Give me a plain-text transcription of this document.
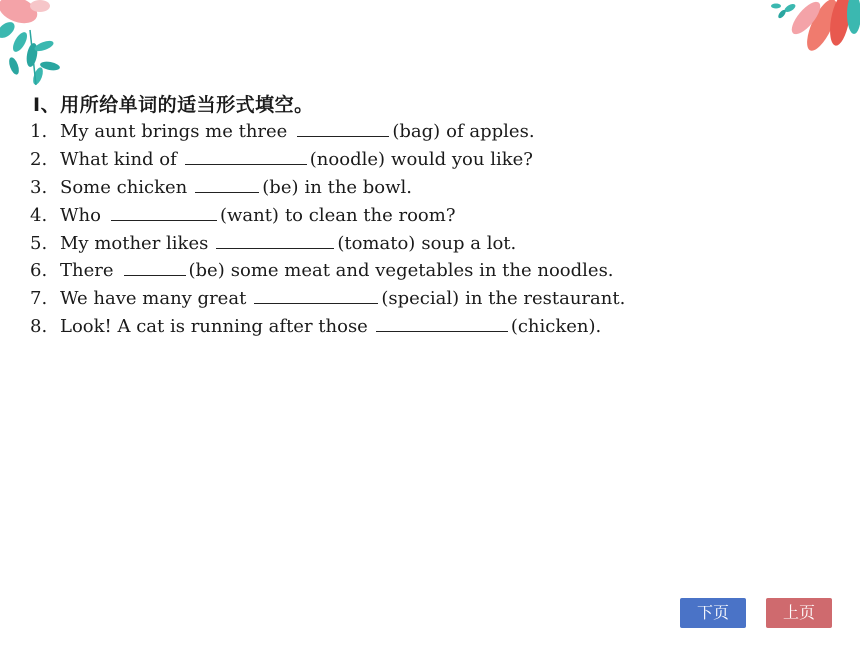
Ⅰ、用所给单词的适当形式填空。
1. My aunt brings me three	(bag) of apples.
2. What kind of	(noodle) would you like?
3. Some chicken	(be) in the bowl.
4. Who	(want) to clean the room?
5. My mother likes	(tomato) soup a lot.
6. There	(be) some meat and vegetables in the noodles.
7. We have many great	(special) in the restaurant.
8. Look! A cat is running after those	(chicken).
下页	上页
